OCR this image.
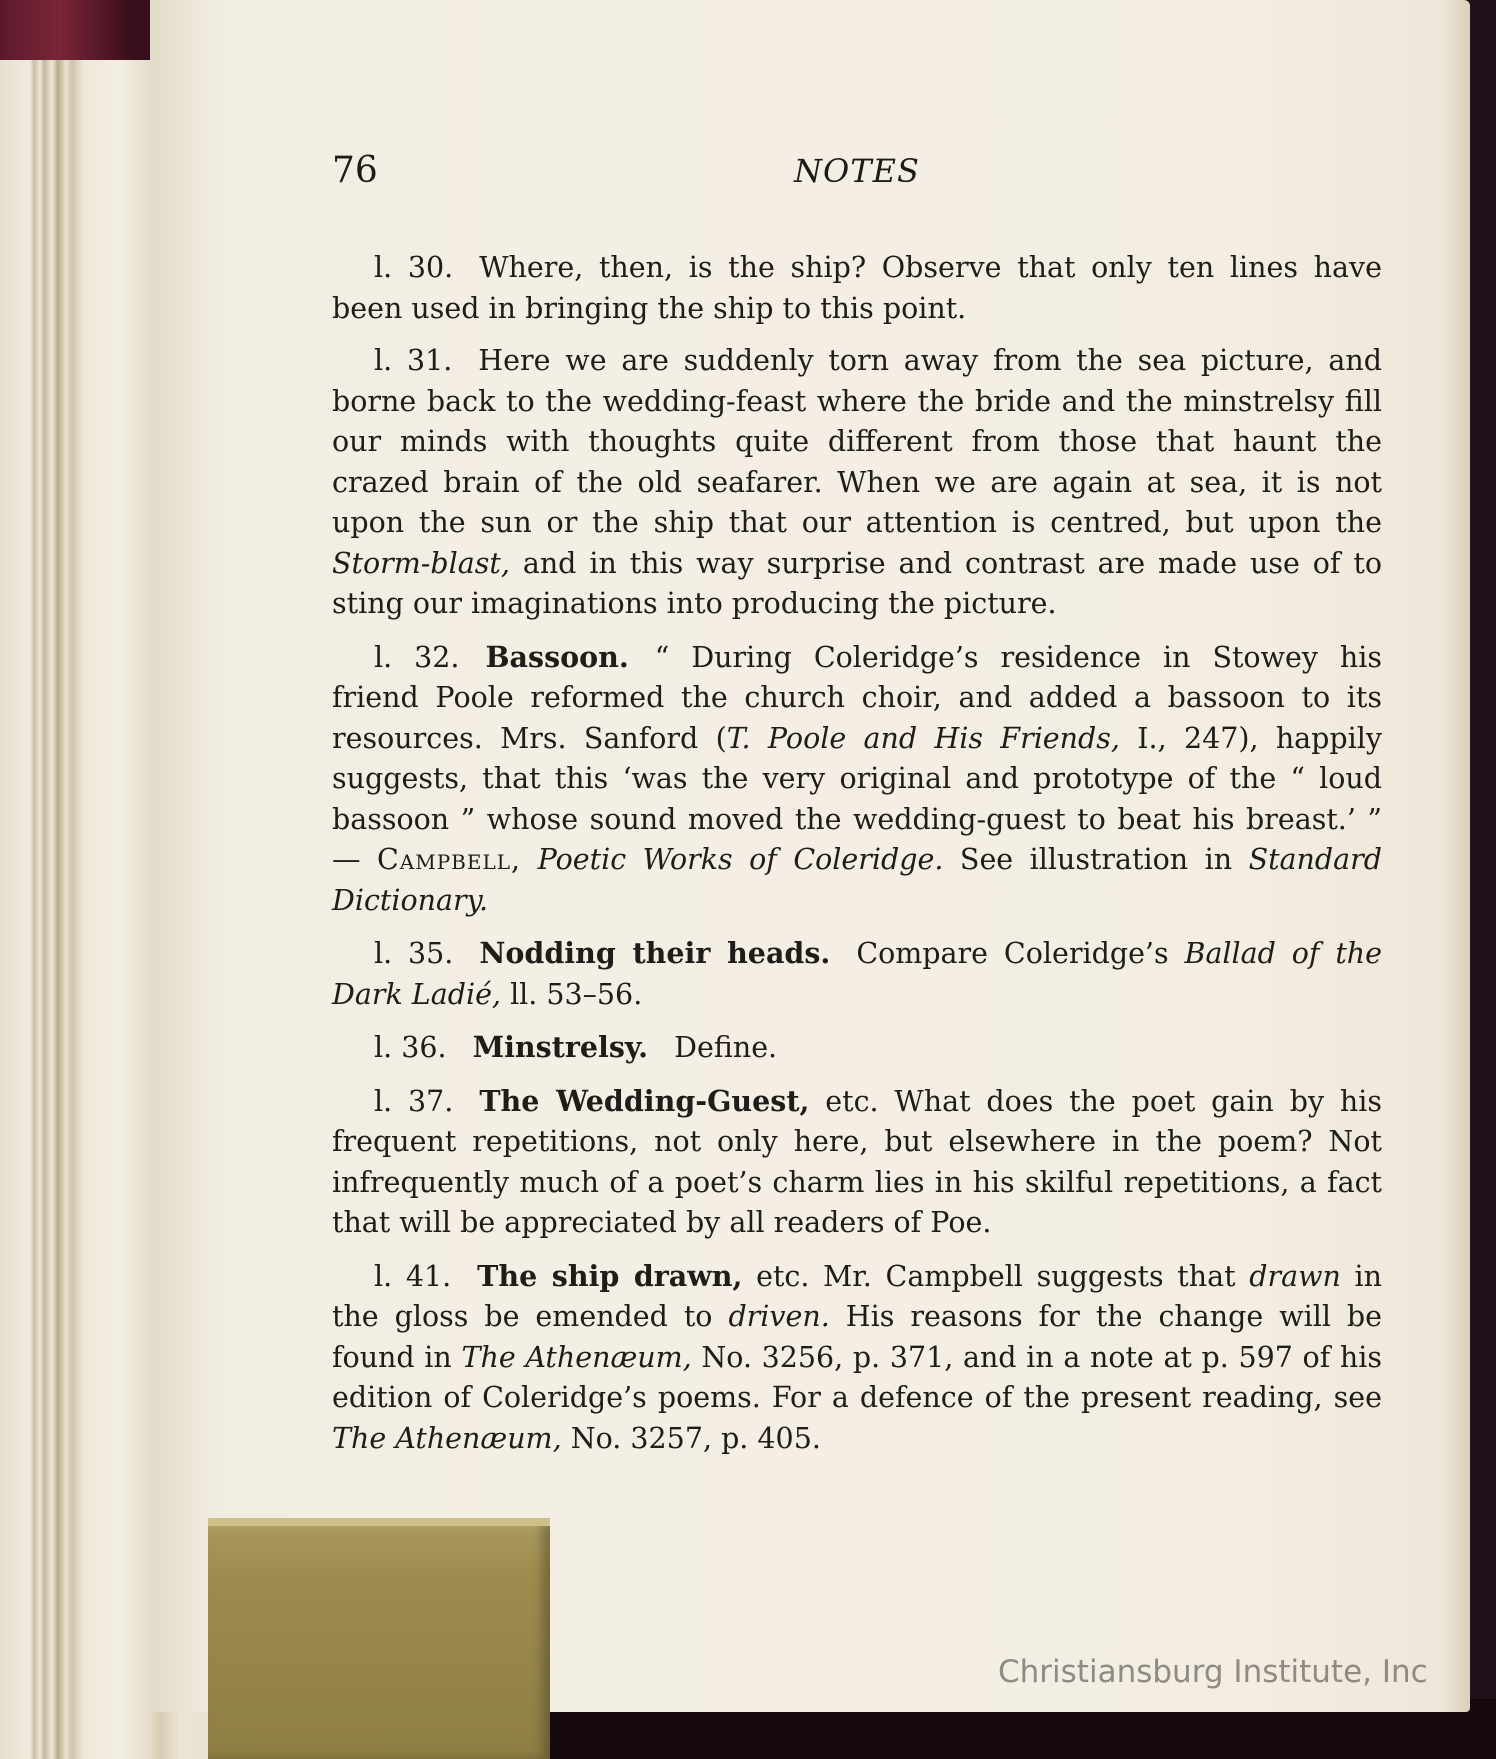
76	NOTES

l. 30. Where, then, is the ship? Observe that only ten lines have been used in bringing the ship to this point.

l. 31. Here we are suddenly torn away from the sea picture, and borne back to the wedding-feast where the bride and the minstrelsy fill our minds with thoughts quite different from those that haunt the crazed brain of the old seafarer. When we are again at sea, it is not upon the sun or the ship that our attention is centred, but upon the Storm-blast, and in this way surprise and contrast are made use of to sting our imaginations into producing the picture.

l. 32. Bassoon. “ During Coleridge’s residence in Stowey his friend Poole reformed the church choir, and added a bassoon to its resources. Mrs. Sanford (T. Poole and His Friends, I., 247), happily suggests, that this ‘was the very original and prototype of the “ loud bassoon ” whose sound moved the wedding-guest to beat his breast.’ ” — Campbell, Poetic Works of Coleridge. See illustration in Standard Dictionary.

l. 35. Nodding their heads. Compare Coleridge’s Ballad of the Dark Ladié, ll. 53–56.

l. 36. Minstrelsy. Define.

l. 37. The Wedding-Guest, etc. What does the poet gain by his frequent repetitions, not only here, but elsewhere in the poem? Not infrequently much of a poet’s charm lies in his skilful repetitions, a fact that will be appreciated by all readers of Poe.

l. 41. The ship drawn, etc. Mr. Campbell suggests that drawn in the gloss be emended to driven. His reasons for the change will be found in The Athenæum, No. 3256, p. 371, and in a note at p. 597 of his edition of Coleridge’s poems. For a defence of the present reading, see The Athenæum, No. 3257, p. 405.

Christiansburg Institute, Inc
